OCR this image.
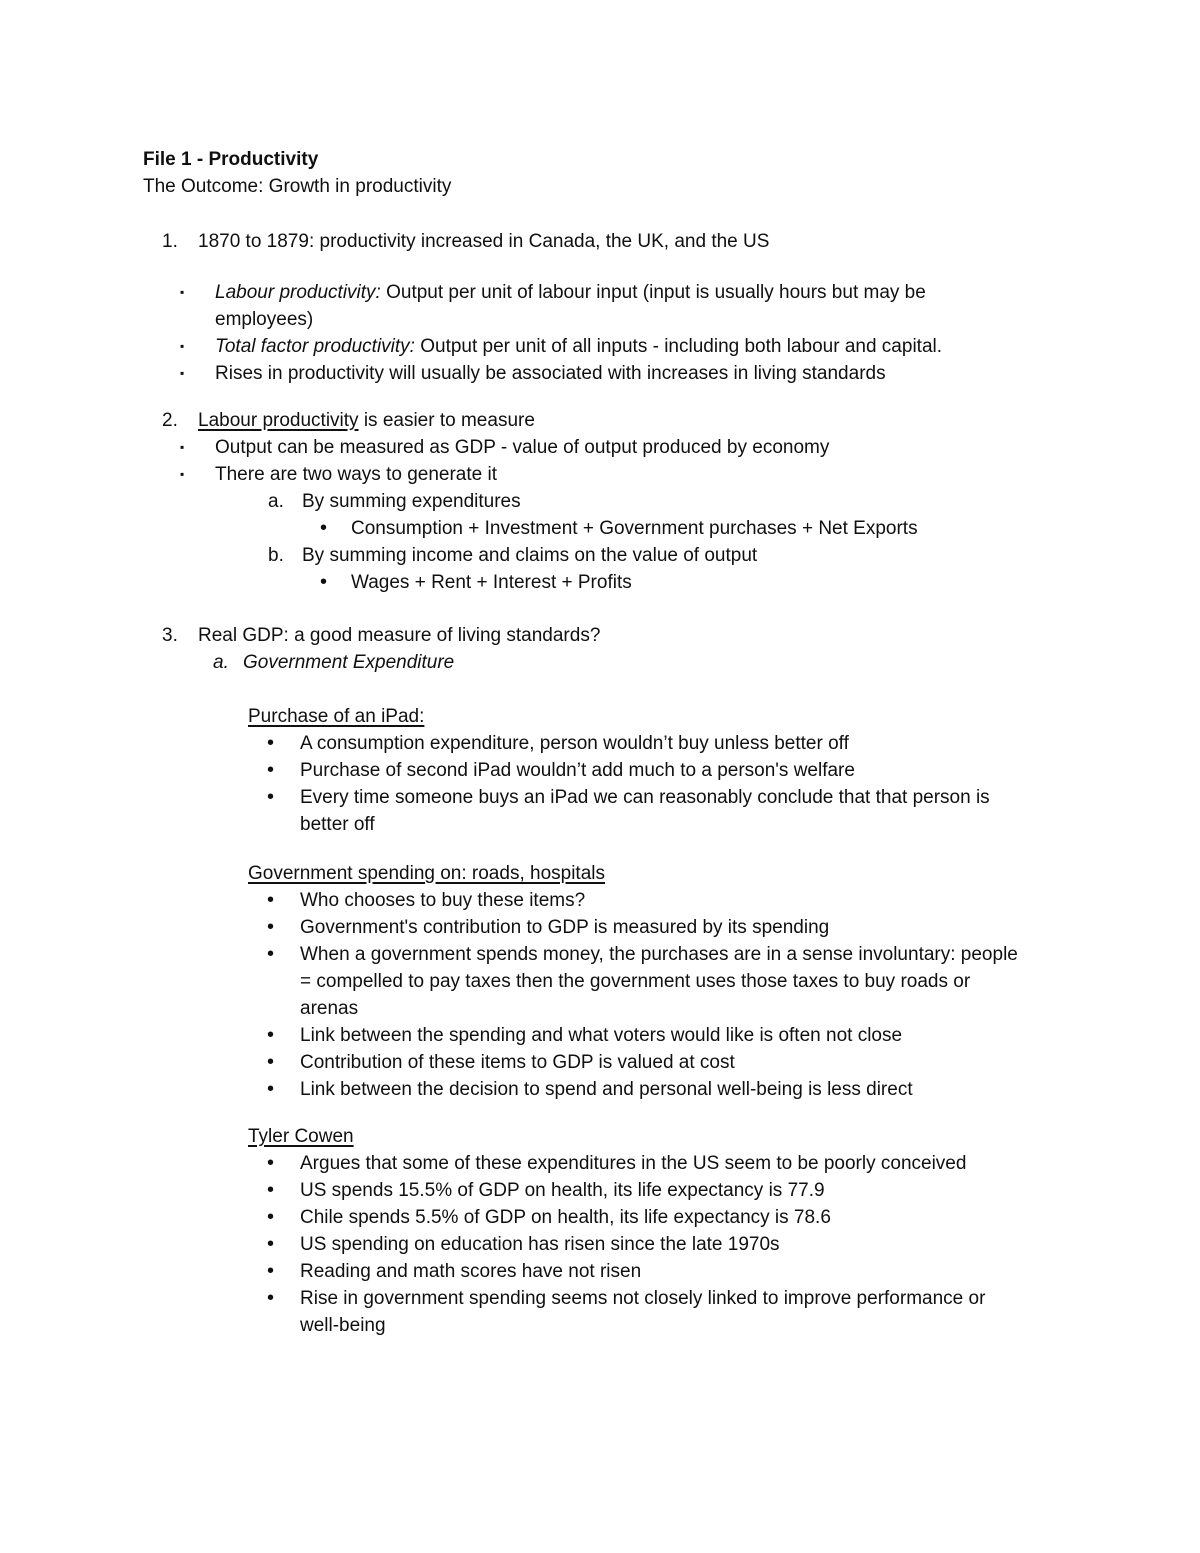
File 1 - Productivity
The Outcome: Growth in productivity
1.	1870 to 1879: productivity increased in Canada, the UK, and the US
▪	Labour productivity: Output per unit of labour input (input is usually hours but may be
employees)
▪	Total factor productivity: Output per unit of all inputs - including both labour and capital.
▪	Rises in productivity will usually be associated with increases in living standards
2.	Labour productivity is easier to measure
▪	Output can be measured as GDP - value of output produced by economy
▪	There are two ways to generate it
a. By summing expenditures
•	Consumption + Investment + Government purchases + Net Exports
b. By summing income and claims on the value of output
•	Wages + Rent + Interest + Profits
3.	Real GDP: a good measure of living standards?
a. Government Expenditure
Purchase of an iPad:
•	A consumption expenditure, person wouldn’t buy unless better off
•	Purchase of second iPad wouldn’t add much to a person's welfare
•	Every time someone buys an iPad we can reasonably conclude that that person is
better off
Government spending on: roads, hospitals
•	Who chooses to buy these items?
•	Government's contribution to GDP is measured by its spending
•	When a government spends money, the purchases are in a sense involuntary: people
= compelled to pay taxes then the government uses those taxes to buy roads or
arenas
•	Link between the spending and what voters would like is often not close
•	Contribution of these items to GDP is valued at cost
•	Link between the decision to spend and personal well-being is less direct
Tyler Cowen
•	Argues that some of these expenditures in the US seem to be poorly conceived
•	US spends 15.5% of GDP on health, its life expectancy is 77.9
•	Chile spends 5.5% of GDP on health, its life expectancy is 78.6
•	US spending on education has risen since the late 1970s
•	Reading and math scores have not risen
•	Rise in government spending seems not closely linked to improve performance or
well-being
